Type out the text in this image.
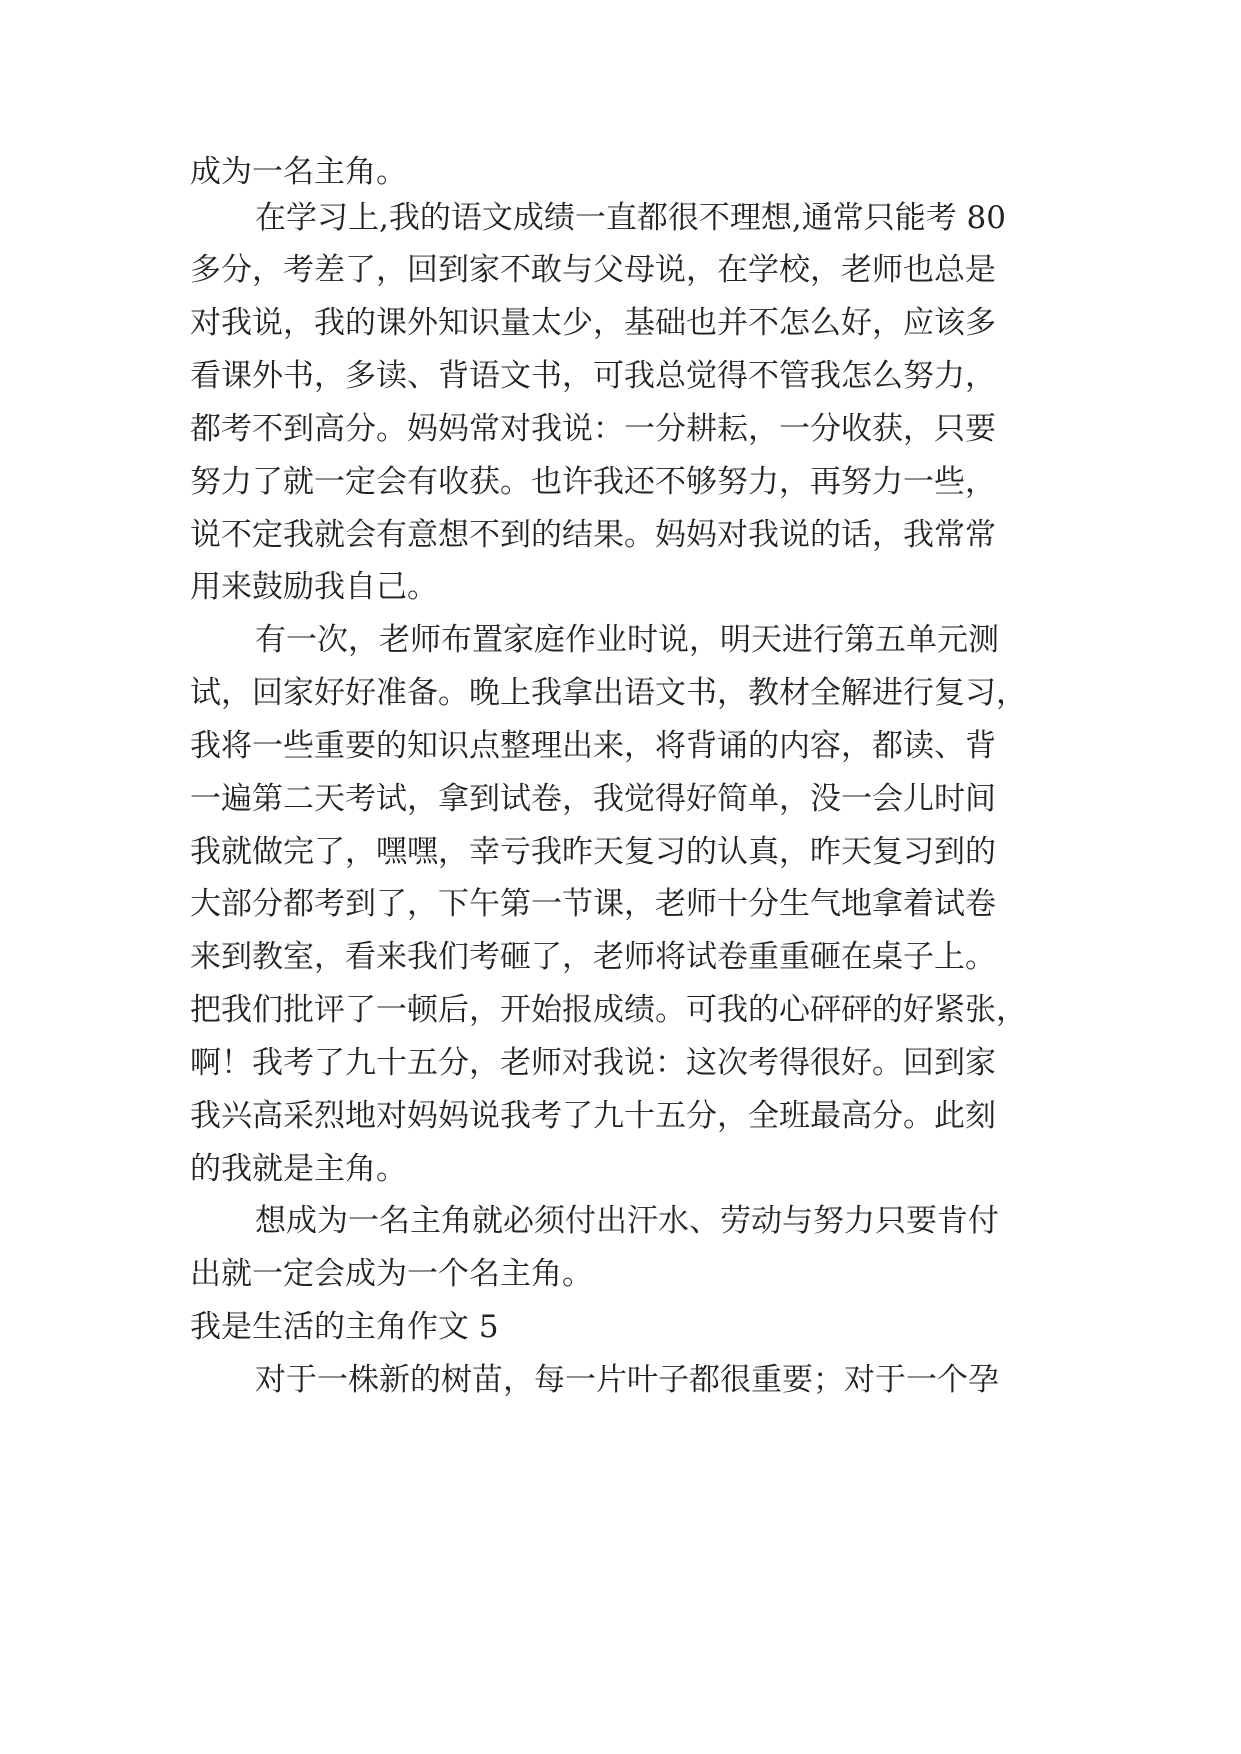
成为一名主角。

在学习上,我的语文成绩一直都很不理想,通常只能考 80

多分，考差了，回到家不敢与父母说，在学校，老师也总是

对我说，我的课外知识量太少，基础也并不怎么好，应该多

看课外书，多读、背语文书，可我总觉得不管我怎么努力，

都考不到高分。妈妈常对我说：一分耕耘，一分收获，只要

努力了就一定会有收获。也许我还不够努力，再努力一些，

说不定我就会有意想不到的结果。妈妈对我说的话，我常常

用来鼓励我自己。

有一次，老师布置家庭作业时说，明天进行第五单元测

试，回家好好准备。晚上我拿出语文书，教材全解进行复习，

我将一些重要的知识点整理出来，将背诵的内容，都读、背

一遍第二天考试，拿到试卷，我觉得好简单，没一会儿时间

我就做完了，嘿嘿，幸亏我昨天复习的认真，昨天复习到的

大部分都考到了，下午第一节课，老师十分生气地拿着试卷

来到教室，看来我们考砸了，老师将试卷重重砸在桌子上。

把我们批评了一顿后，开始报成绩。可我的心砰砰的好紧张，

啊！我考了九十五分，老师对我说：这次考得很好。回到家

我兴高采烈地对妈妈说我考了九十五分，全班最高分。此刻

的我就是主角。

想成为一名主角就必须付出汗水、劳动与努力只要肯付

出就一定会成为一个名主角。

我是生活的主角作文 5

对于一株新的树苗，每一片叶子都很重要；对于一个孕
